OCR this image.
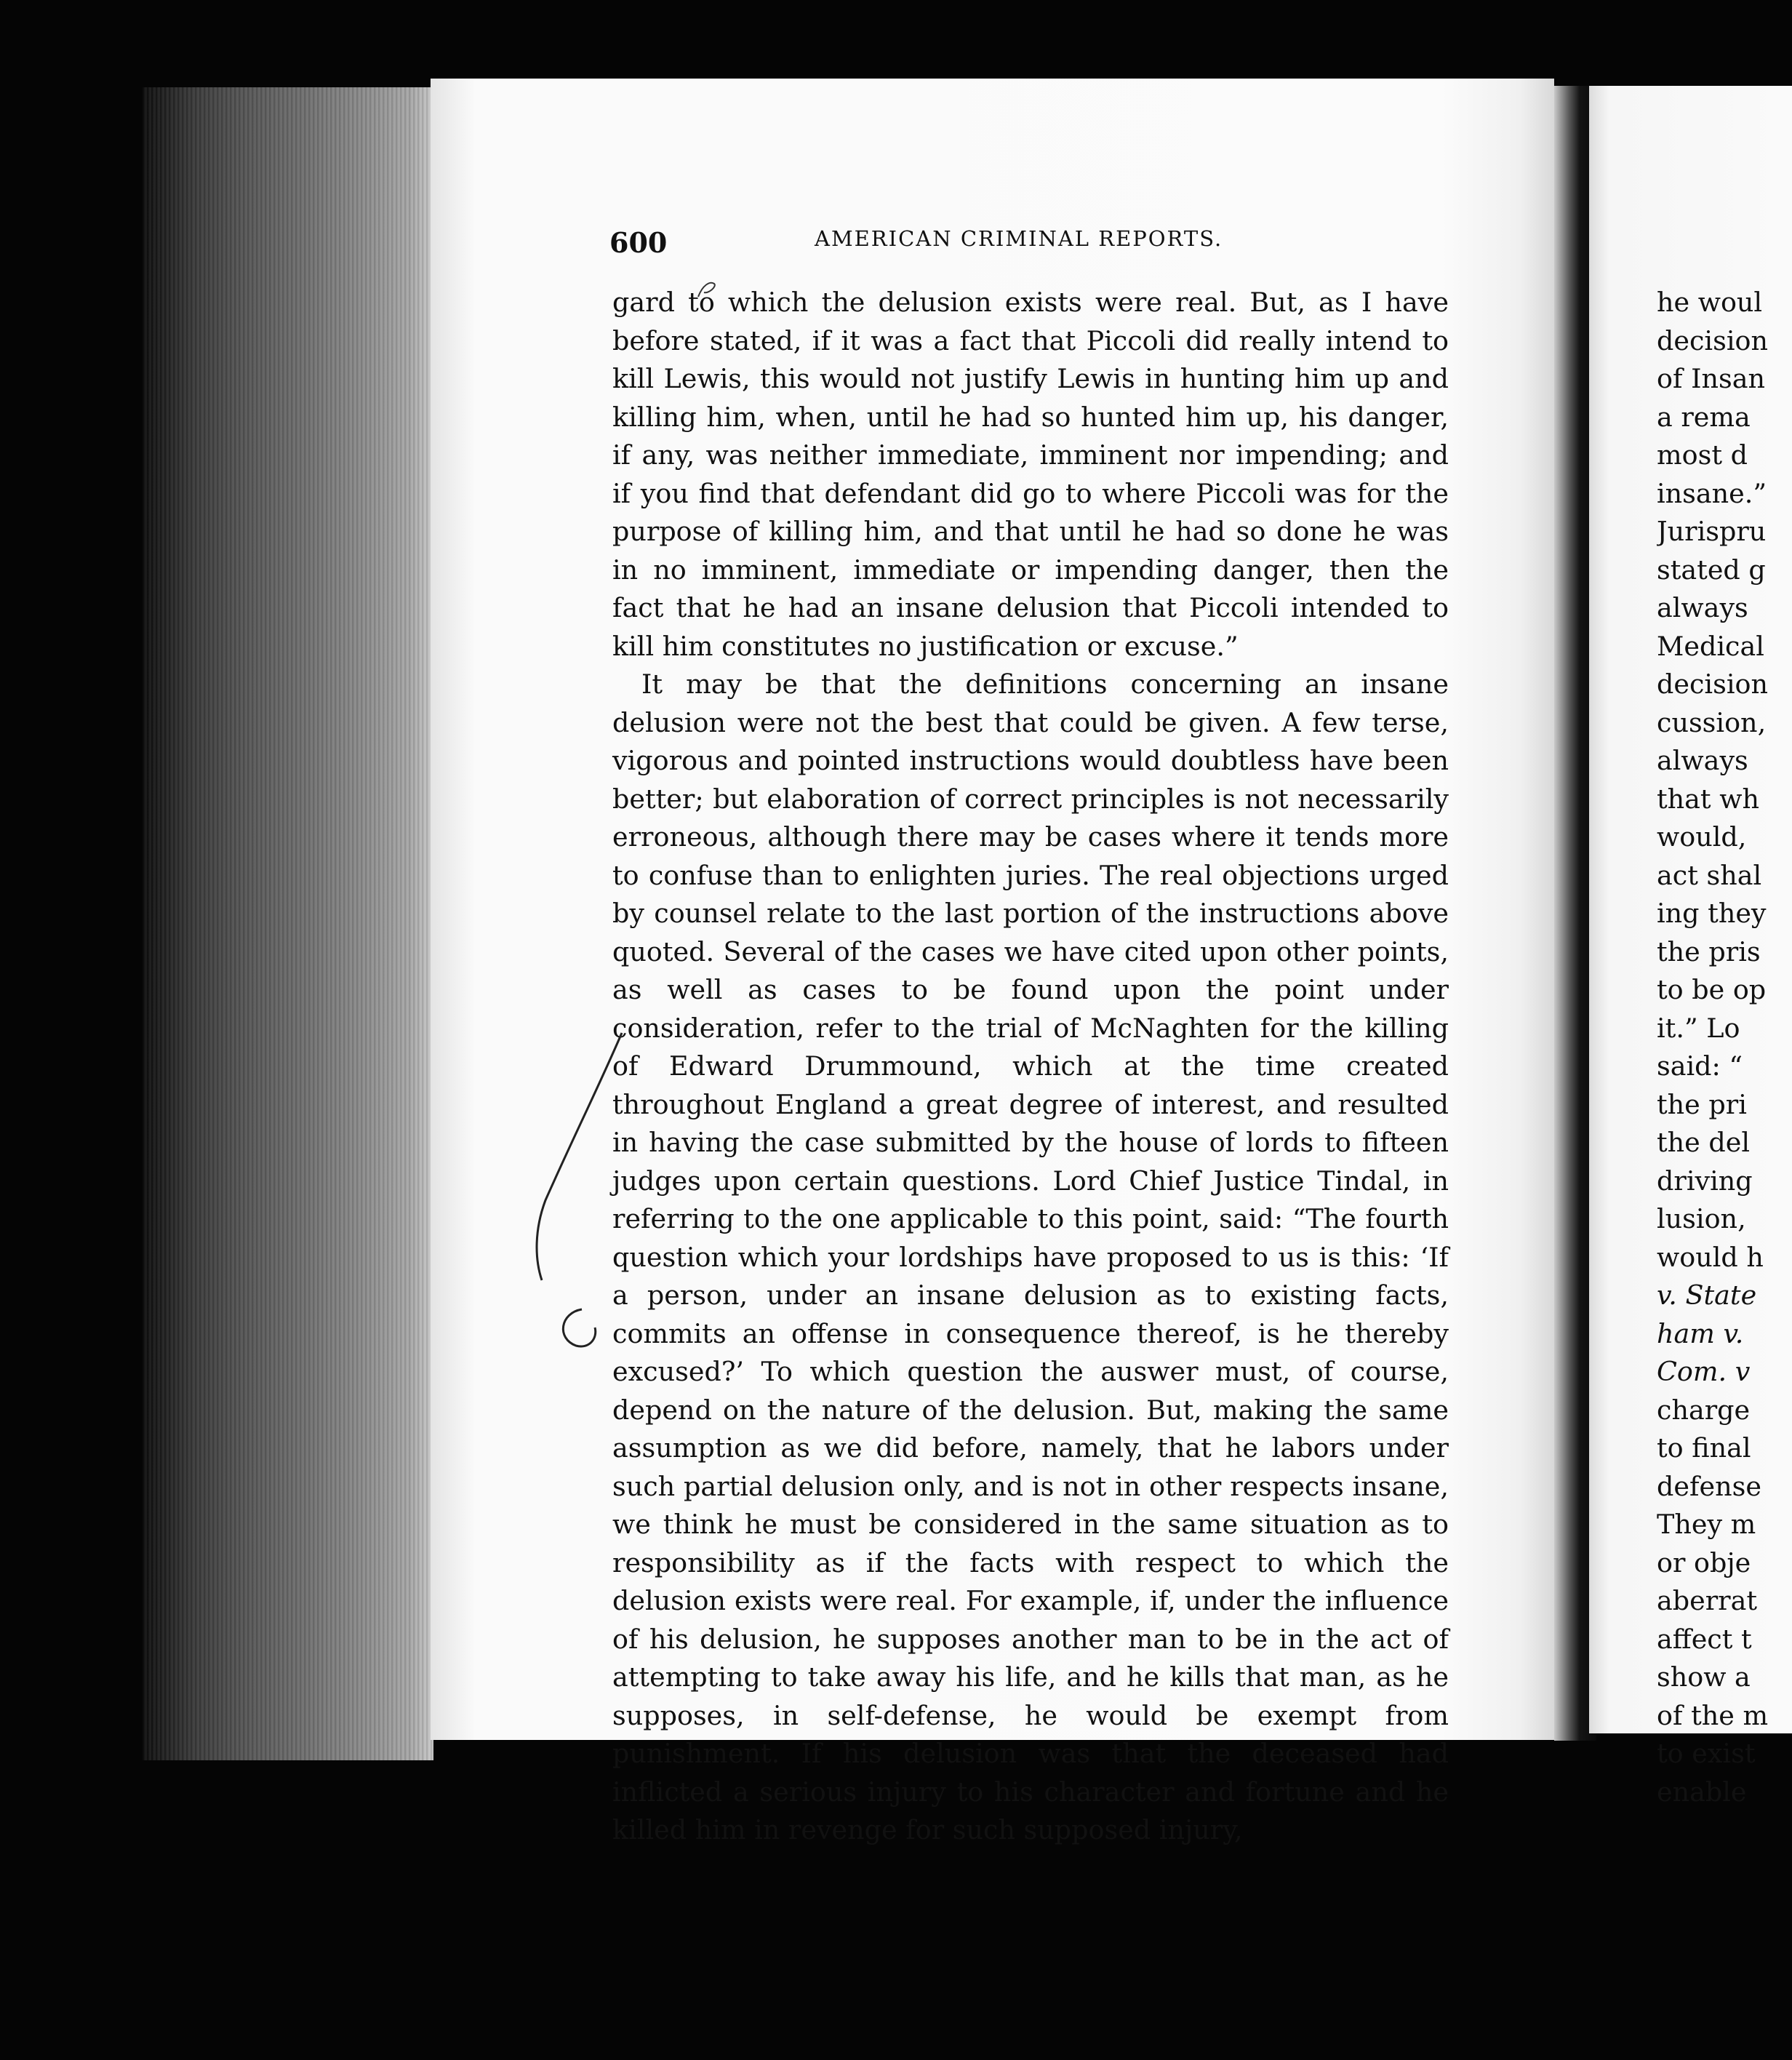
600	AMERICAN CRIMINAL REPORTS.

gard to which the delusion exists were real. But, as I have before stated, if it was a fact that Piccoli did really intend to kill Lewis, this would not justify Lewis in hunting him up and killing him, when, until he had so hunted him up, his danger, if any, was neither immediate, imminent nor impending; and if you find that defendant did go to where Piccoli was for the purpose of killing him, and that until he had so done he was in no imminent, immediate or impending danger, then the fact that he had an insane delusion that Piccoli intended to kill him constitutes no justification or excuse.”

It may be that the definitions concerning an insane delusion were not the best that could be given. A few terse, vigorous and pointed instructions would doubtless have been better; but elaboration of correct principles is not necessarily erroneous, although there may be cases where it tends more to confuse than to enlighten juries. The real objections urged by counsel relate to the last portion of the instructions above quoted. Several of the cases we have cited upon other points, as well as cases to be found upon the point under consideration, refer to the trial of McNaghten for the killing of Edward Drummound, which at the time created throughout England a great degree of interest, and resulted in having the case submitted by the house of lords to fifteen judges upon certain questions. Lord Chief Justice Tindal, in referring to the one applicable to this point, said: “The fourth question which your lordships have proposed to us is this: ‘If a person, under an insane delusion as to existing facts, commits an offense in consequence thereof, is he thereby excused?’ To which question the auswer must, of course, depend on the nature of the delusion. But, making the same assumption as we did before, namely, that he labors under such partial delusion only, and is not in other respects insane, we think he must be considered in the same situation as to responsibility as if the facts with respect to which the delusion exists were real. For example, if, under the influence of his delusion, he supposes another man to be in the act of attempting to take away his life, and he kills that man, as he supposes, in self-defense, he would be exempt from punishment. If his delusion was that the deceased had inflicted a serious injury to his character and fortune and he killed him in revenge for such supposed injury,

he woul
decision
of Insan
a rema
most d
insane.”
Jurispru
stated g
always
Medical
decision
cussion,
always
that wh
would,
act shal
ing they
the pris
to be op
it.” Lo
said: “
the pri
the del
driving
lusion,
would h
v. State
ham v.
Com. v
charge
to final
defense
They m
or obje
aberrat
affect t
show a
of the m
to exist
enable
